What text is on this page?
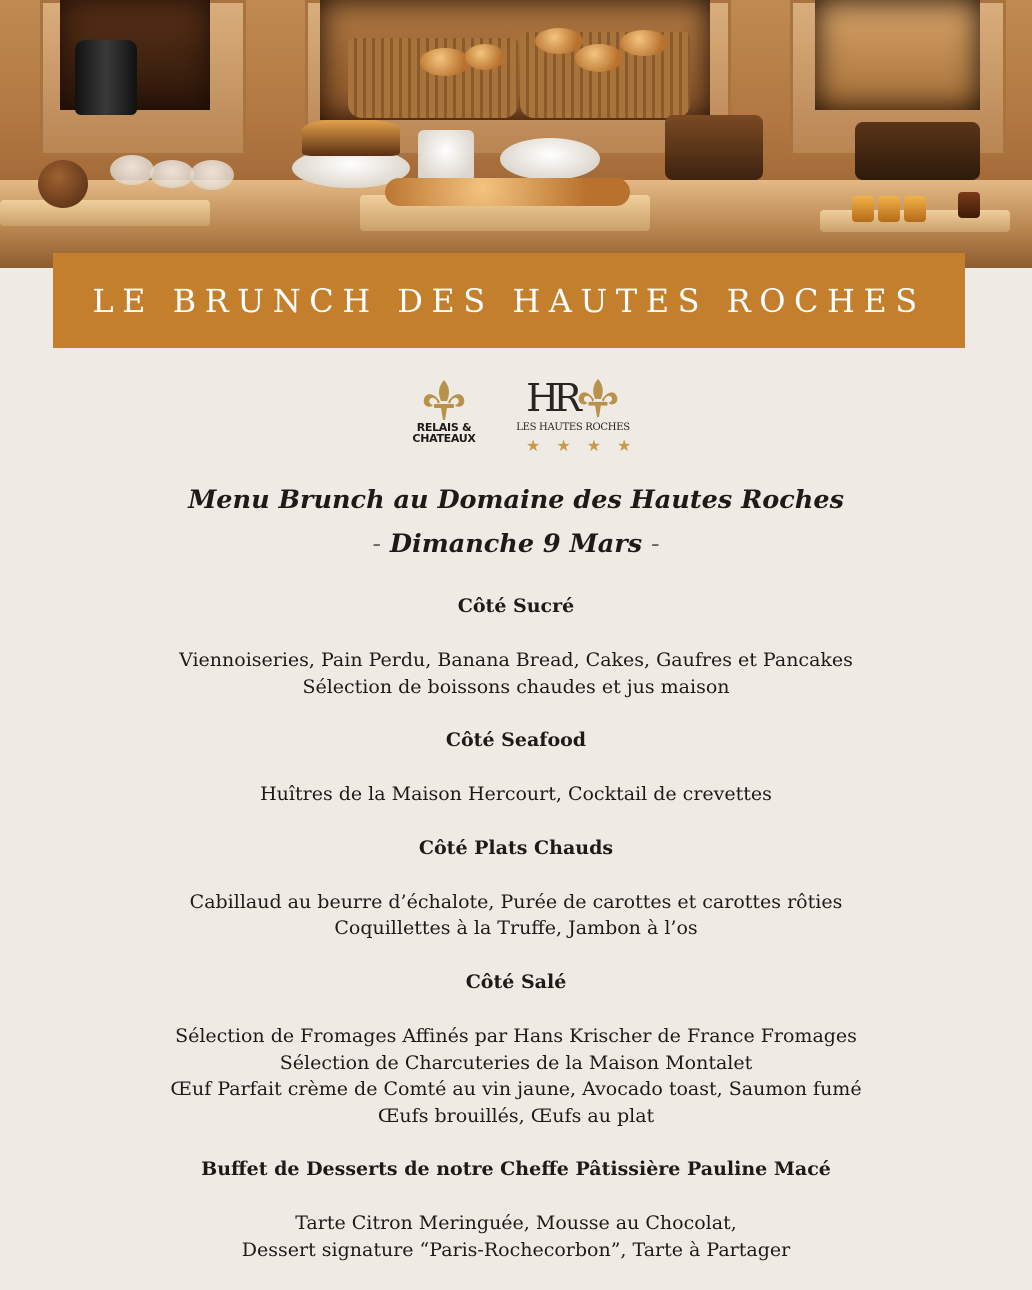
LE BRUNCH DES HAUTES ROCHES
RELAIS &
CHATEAUX
HR
LES HAUTES ROCHES
★★★★

Menu Brunch au Domaine des Hautes Roches

- Dimanche 9 Mars -

Côté Sucré

Viennoiseries, Pain Perdu, Banana Bread, Cakes, Gaufres et Pancakes

Sélection de boissons chaudes et jus maison

Côté Seafood

Huîtres de la Maison Hercourt, Cocktail de crevettes

Côté Plats Chauds

Cabillaud au beurre d’échalote, Purée de carottes et carottes rôties

Coquillettes à la Truffe, Jambon à l’os

Côté Salé

Sélection de Fromages Affinés par Hans Krischer de France Fromages

Sélection de Charcuteries de la Maison Montalet

Œuf Parfait crème de Comté au vin jaune, Avocado toast, Saumon fumé

Œufs brouillés, Œufs au plat

Buffet de Desserts de notre Cheffe Pâtissière Pauline Macé

Tarte Citron Meringuée, Mousse au Chocolat,

Dessert signature “Paris-Rochecorbon”, Tarte à Partager
